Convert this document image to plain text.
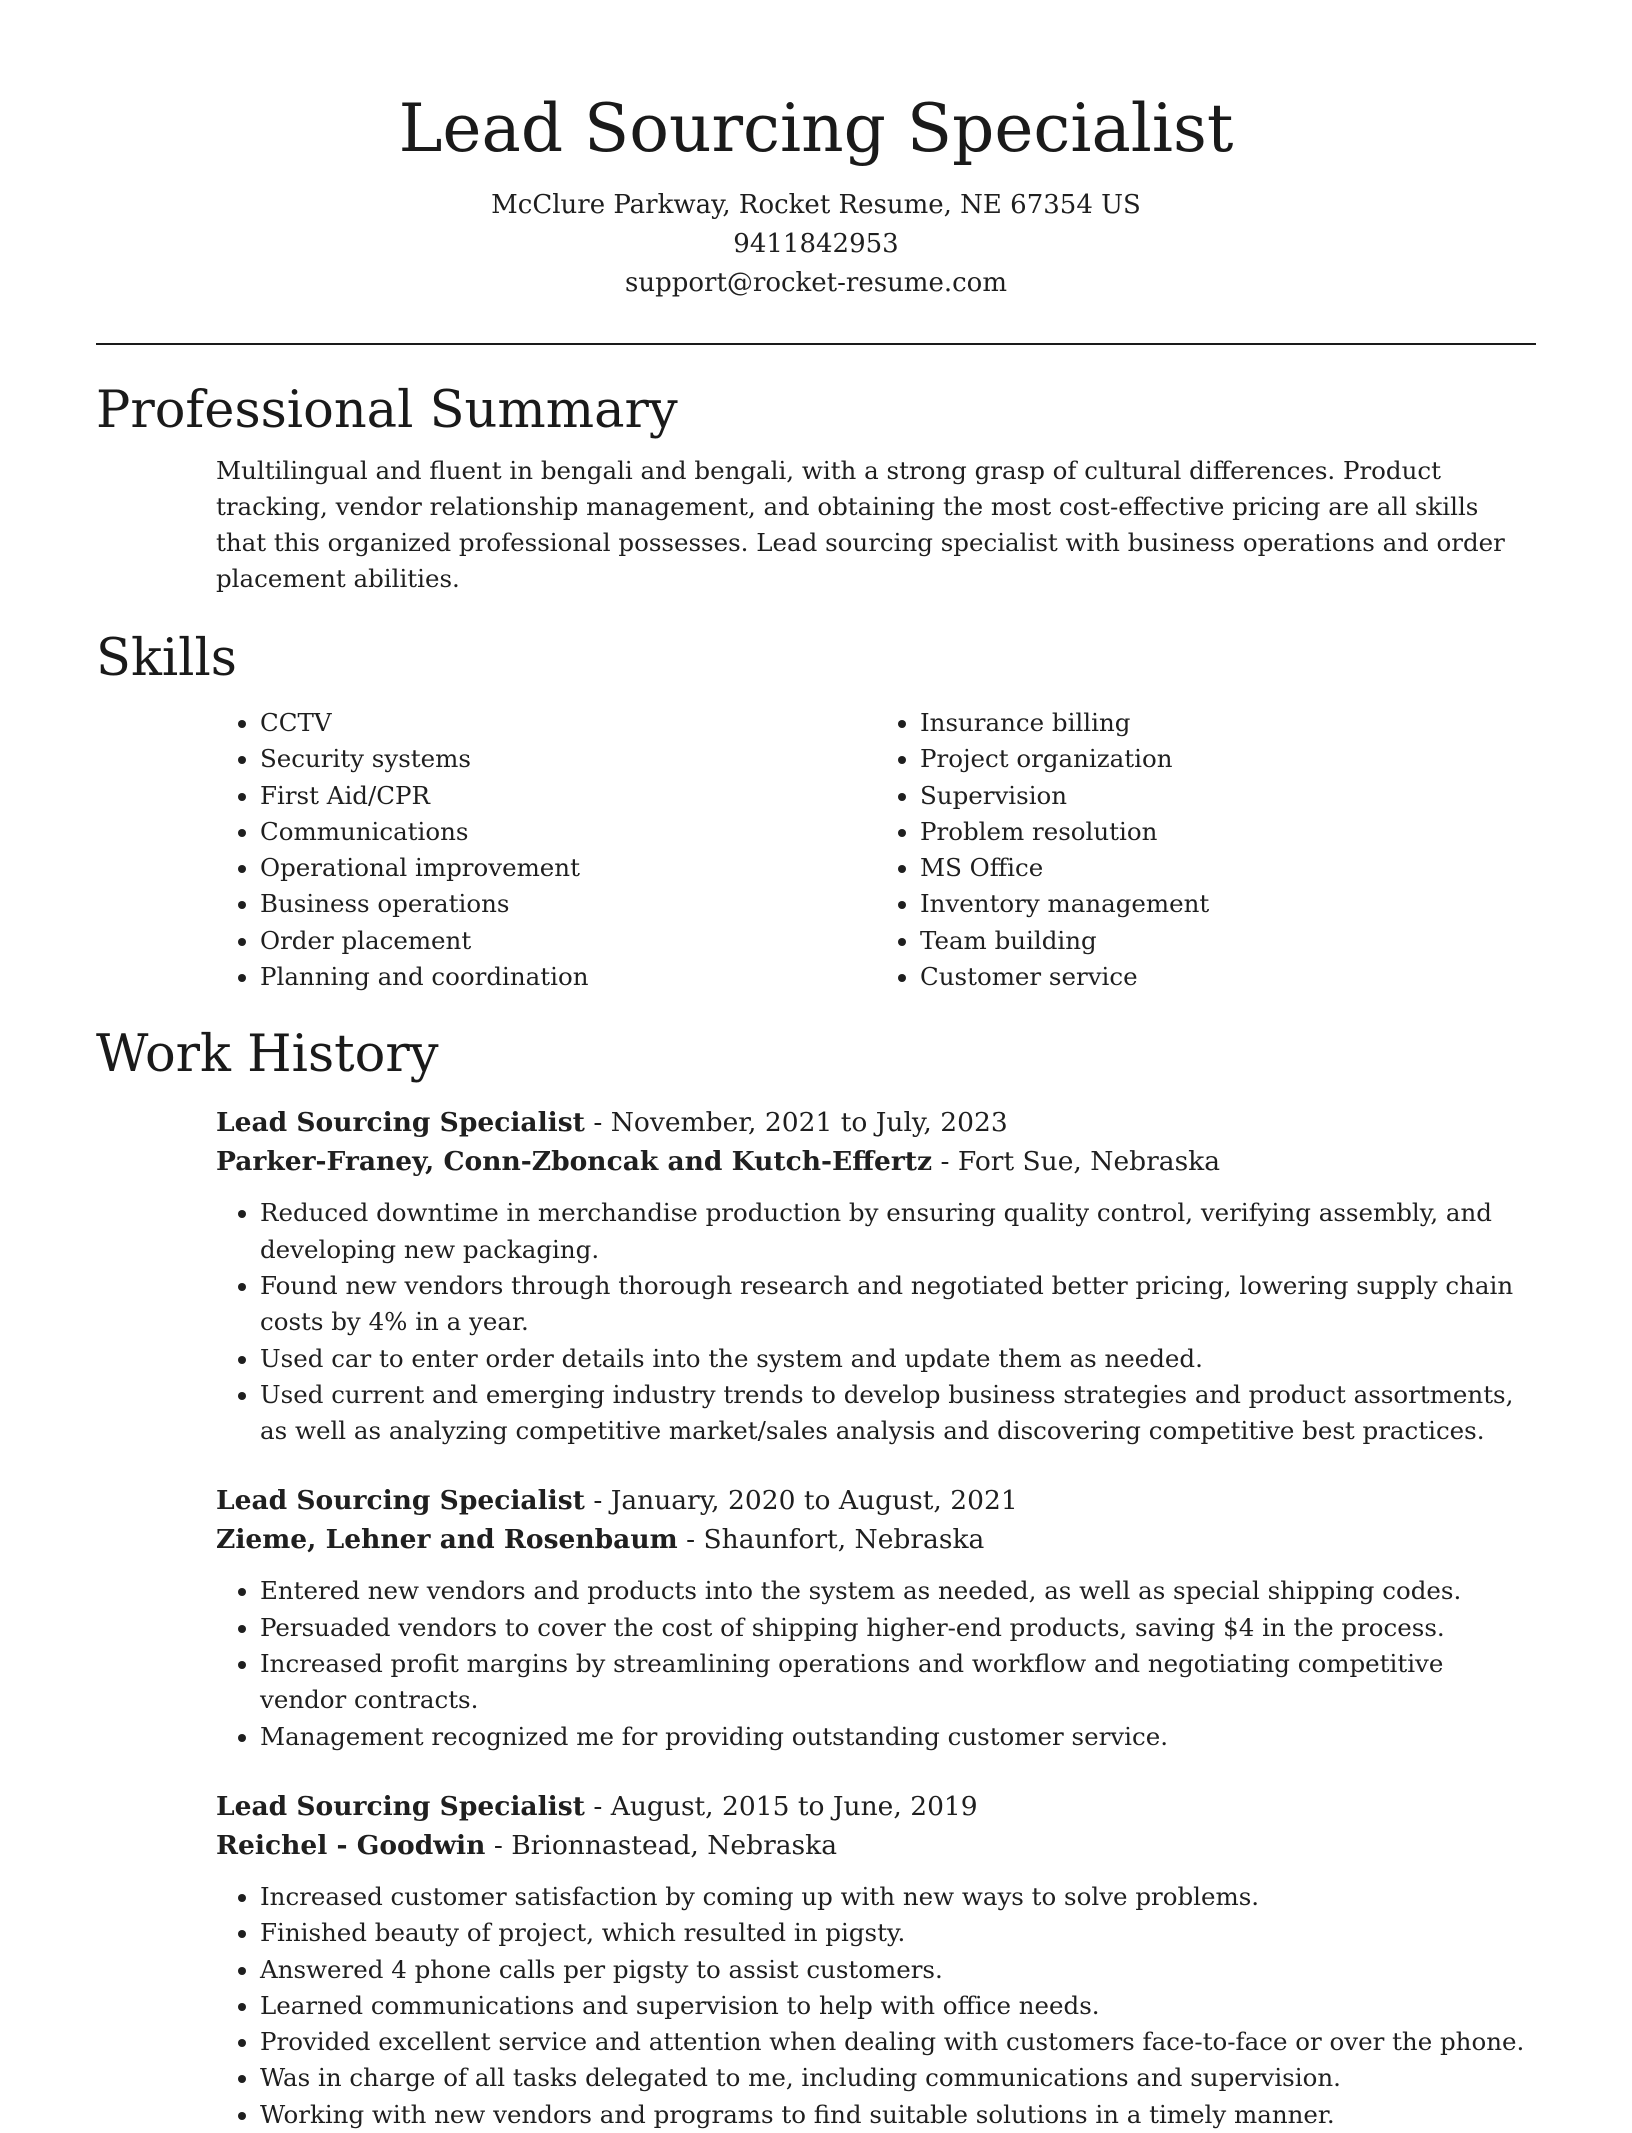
Lead Sourcing Specialist
McClure Parkway, Rocket Resume, NE 67354 US
9411842953
support@rocket-resume.com
Professional Summary
Multilingual and fluent in bengali and bengali, with a strong grasp of cultural differences. Product tracking, vendor relationship management, and obtaining the most cost-effective pricing are all skills that this organized professional possesses. Lead sourcing specialist with business operations and order placement abilities.
Skills
• CCTV
• Security systems
• First Aid/CPR
• Communications
• Operational improvement
• Business operations
• Order placement
• Planning and coordination
• Insurance billing
• Project organization
• Supervision
• Problem resolution
• MS Office
• Inventory management
• Team building
• Customer service
Work History
Lead Sourcing Specialist - November, 2021 to July, 2023
Parker-Franey, Conn-Zboncak and Kutch-Effertz - Fort Sue, Nebraska
• Reduced downtime in merchandise production by ensuring quality control, verifying assembly, and developing new packaging.
• Found new vendors through thorough research and negotiated better pricing, lowering supply chain costs by 4% in a year.
• Used car to enter order details into the system and update them as needed.
• Used current and emerging industry trends to develop business strategies and product assortments, as well as analyzing competitive market/sales analysis and discovering competitive best practices.
Lead Sourcing Specialist - January, 2020 to August, 2021
Zieme, Lehner and Rosenbaum - Shaunfort, Nebraska
• Entered new vendors and products into the system as needed, as well as special shipping codes.
• Persuaded vendors to cover the cost of shipping higher-end products, saving $4 in the process.
• Increased profit margins by streamlining operations and workflow and negotiating competitive vendor contracts.
• Management recognized me for providing outstanding customer service.
Lead Sourcing Specialist - August, 2015 to June, 2019
Reichel - Goodwin - Brionnastead, Nebraska
• Increased customer satisfaction by coming up with new ways to solve problems.
• Finished beauty of project, which resulted in pigsty.
• Answered 4 phone calls per pigsty to assist customers.
• Learned communications and supervision to help with office needs.
• Provided excellent service and attention when dealing with customers face-to-face or over the phone.
• Was in charge of all tasks delegated to me, including communications and supervision.
• Working with new vendors and programs to find suitable solutions in a timely manner.
